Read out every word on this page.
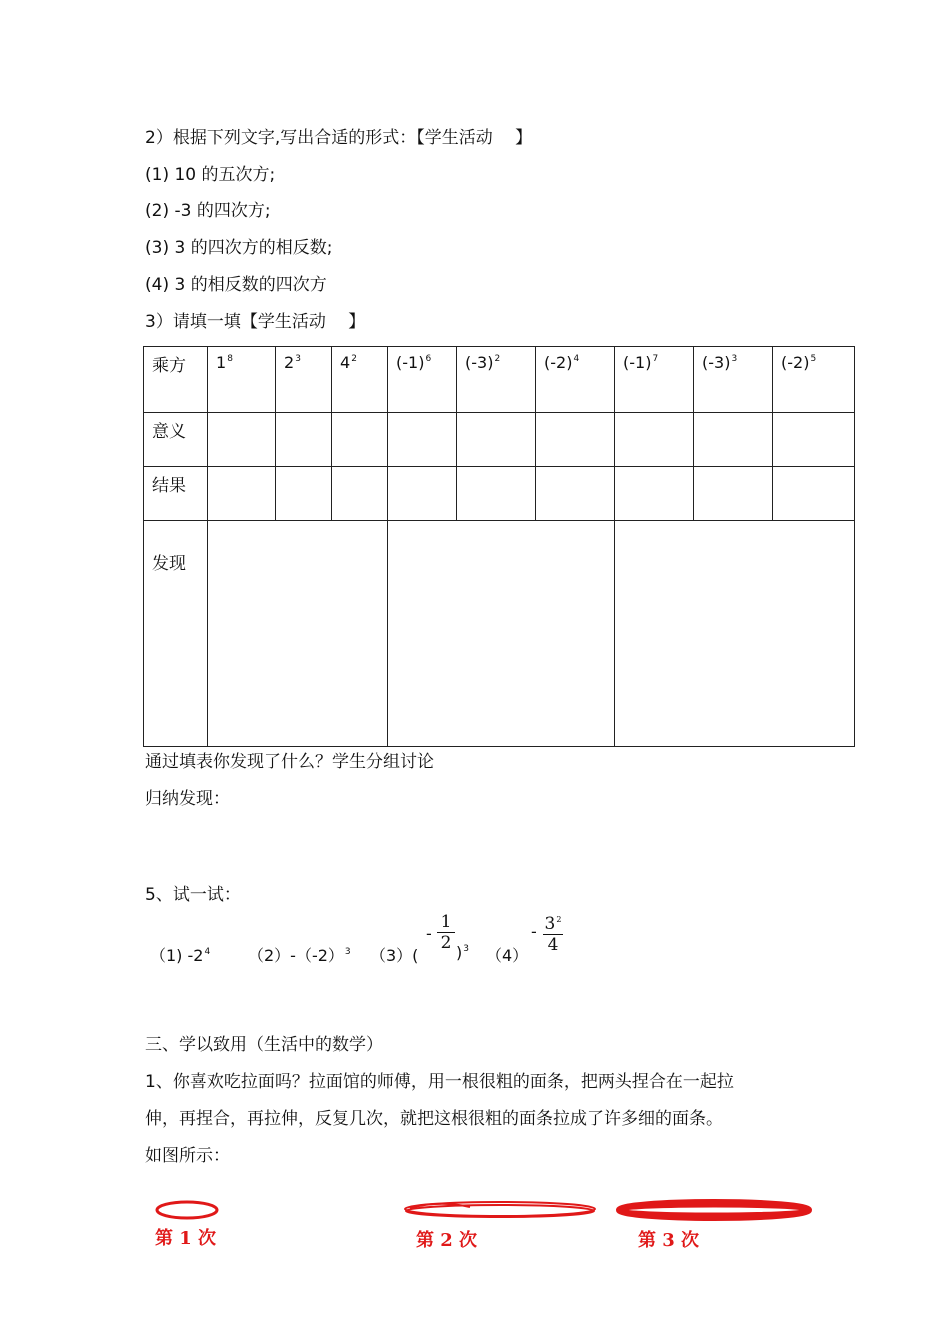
2）根据下列文字,写出合适的形式：【学生活动　 】
(1) 10 的五次方;
(2) -3 的四次方;
(3) 3 的四次方的相反数;
(4) 3 的相反数的四次方
3）请填一填【学生活动　 】
乘方	$1^8$	$2^3$	$4^2$	$(-1)^6$	$(-3)^2$	$(-2)^4$	$(-1)^7$	$(-3)^3$	$(-2)^5$
意义									
结果									
发现									
通过填表你发现了什么？学生分组讨论
归纳发现：
5、试一试：
（1) $-2^4$ $(2)-(-2)^3$ （3）(
- $\frac{1}{2} )^3$ （4）
- $\frac{3^2}{4}$
三、学以致用（生活中的数学）
1、你喜欢吃拉面吗？拉面馆的师傅，用一根很粗的面条，把两头捏合在一起拉
伸，再捏合，再拉伸，反复几次，就把这根很粗的面条拉成了许多细的面条。
如图所示：
第 1 次	第 2 次	第 3 次
